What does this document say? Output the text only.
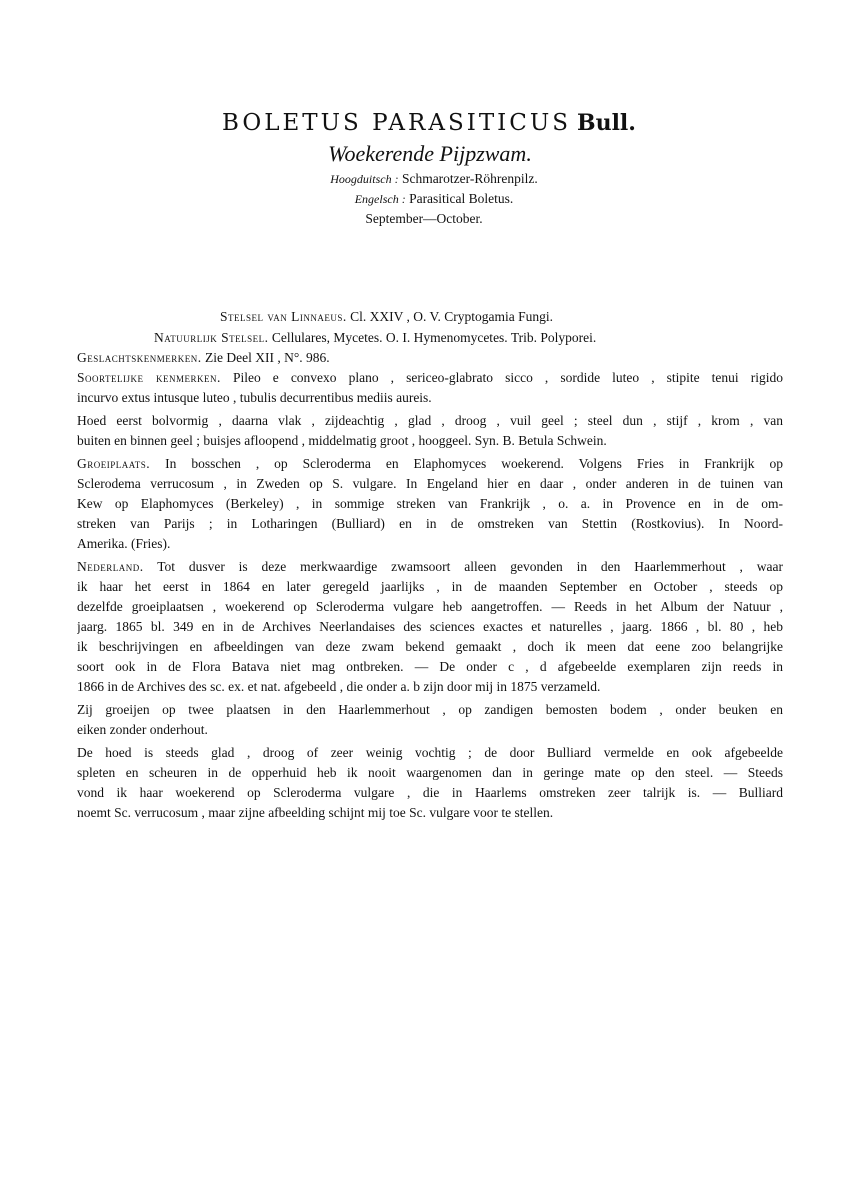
BOLETUS PARASITICUS Bull.
Woekerende Pijpzwam.
Hoogduitsch : Schmarotzer-Röhrenpilz.
Engelsch : Parasitical Boletus.
September—October.
Stelsel van Linnaeus. Cl. XXIV , O. V. Cryptogamia Fungi.
Natuurlijk Stelsel. Cellulares, Mycetes. O. I. Hymenomycetes. Trib. Polyporei.
Geslachtskenmerken. Zie Deel XII , N°. 986.
Soortelijke kenmerken. Pileo e convexo plano , sericeo-glabrato sicco , sordide luteo , stipite tenui rigido
incurvo extus intusque luteo , tubulis decurrentibus mediis aureis.
Hoed eerst bolvormig , daarna vlak , zijdeachtig , glad , droog , vuil geel ; steel dun , stijf , krom , van
buiten en binnen geel ; buisjes afloopend , middelmatig groot , hooggeel. Syn. B. Betula Schwein.
Groeiplaats. In bosschen , op Scleroderma en Elaphomyces woekerend. Volgens Fries in Frankrijk op
Sclerodema verrucosum , in Zweden op S. vulgare. In Engeland hier en daar , onder anderen in de tuinen van
Kew op Elaphomyces (Berkeley) , in sommige streken van Frankrijk , o. a. in Provence en in de om-
streken van Parijs ; in Lotharingen (Bulliard) en in de omstreken van Stettin (Rostkovius). In Noord-
Amerika. (Fries).
Nederland. Tot dusver is deze merkwaardige zwamsoort alleen gevonden in den Haarlemmerhout , waar
ik haar het eerst in 1864 en later geregeld jaarlijks , in de maanden September en October , steeds op
dezelfde groeiplaatsen , woekerend op Scleroderma vulgare heb aangetroffen. — Reeds in het Album der Natuur ,
jaarg. 1865 bl. 349 en in de Archives Neerlandaises des sciences exactes et naturelles , jaarg. 1866 , bl. 80 , heb
ik beschrijvingen en afbeeldingen van deze zwam bekend gemaakt , doch ik meen dat eene zoo belangrijke
soort ook in de Flora Batava niet mag ontbreken. — De onder c , d afgebeelde exemplaren zijn reeds in
1866 in de Archives des sc. ex. et nat. afgebeeld , die onder a. b zijn door mij in 1875 verzameld.
Zij groeijen op twee plaatsen in den Haarlemmerhout , op zandigen bemosten bodem , onder beuken en
eiken zonder onderhout.
De hoed is steeds glad , droog of zeer weinig vochtig ; de door Bulliard vermelde en ook afgebeelde
spleten en scheuren in de opperhuid heb ik nooit waargenomen dan in geringe mate op den steel. — Steeds
vond ik haar woekerend op Scleroderma vulgare , die in Haarlems omstreken zeer talrijk is. — Bulliard
noemt Sc. verrucosum , maar zijne afbeelding schijnt mij toe Sc. vulgare voor te stellen.
